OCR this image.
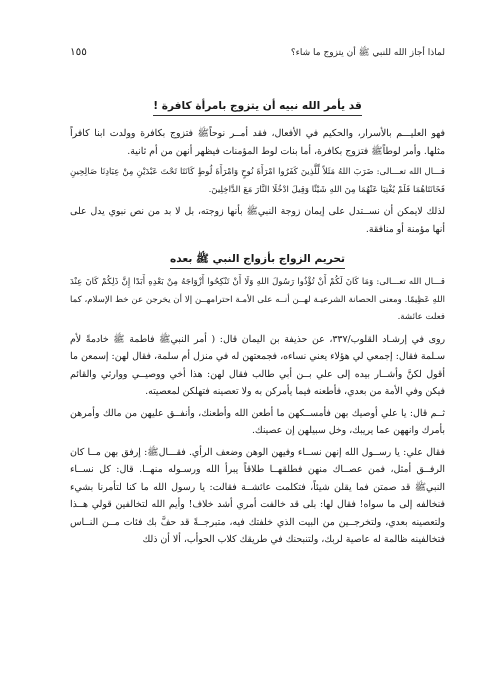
لماذا أجاز الله للنبي ﷺ أن يتزوج ما شاء؟
١٥٥
قد يأمر الله نبيه أن يتزوج بامرأة كافرة !

فهو العليـــم بالأسرار، والحكيم في الأفعال، فقد أمــر نوحاًﷺ فتزوج بكافرة وولدت ابنا كافراً مثلها. وأمر لوطاًﷺ فتزوج بكافرة، أما بنات لوط المؤمنات فيظهر أنهن من أم ثانية.

قـــال الله تعـــالى: ضَرَبَ اللهُ مَثَلاً لِّلَّذِينَ كَفَرُوا امْرَأَةَ نُوحٍ وَامْرَأَةَ لُوطٍ كَانَتَا تَحْتَ عَبْدَيْنِ مِنْ عِبَادِنَا صَالِحِينِ فَخَانَتَاهُمَا فَلَمْ يُغْنِيَا عَنْهُمَا مِنَ اللهِ شَيْئًا وَقِيلَ ادْخُلَا النَّارَ مَعَ الدَّاخِلِينَ.

لذلك لايمكن أن نســتدل على إيمان زوجة النبيﷺ بأنها زوجته، بل لا بد من نص نبوي يدل على أنها مؤمنة أو منافقة.

تحريم الزواج بأزواج النبي ﷺ بعده

قـــال الله تعـــالى: وَمَا كَانَ لَكُمْ أَنْ تُؤْذُوا رَسُولَ اللهِ وَلَا أَنْ تَنْكِحُوا أَزْوَاجَهُ مِنْ بَعْدِهِ أَبَدًا إِنَّ ذَلِكُمْ كَانَ عِنْدَ اللهِ عَظِيمًا. ومعنى الحصانة الشرعيـة لهــن أنــه على الأمـة احترامهــن إلا أن يخرجن عن خط الإسلام، كما فعلت عائشة.

روى في إرشـاد القلوب/٣٣٧، عن حذيفة بن اليمان قال: ( أمر النبيﷺ فاطمة ﷺ خادمةً لأم سـلمة فقال: إجمعي لي هؤلاء يعني نساءه، فجمعتهن له في منزل أم سلمة، فقال لهن: إسمعن ما أقول لكنَّ وأشــار بيده إلى علي بــن أبي طالب فقال لهن: هذا أخي ووصيــي ووارثي والقائم فيكن وفي الأمة من بعدي، فأطعنه فيما يأمركن به ولا تعصينه فتهلكن لمعصيته.

ثــم قال: يا علي أوصيك بهن فأمســكهن ما أطعن الله وأطعنك، وأنفــق عليهن من مالك وأمرهن بأمرك وانههن عما يريبك، وخل سبيلهن إن عصينك.

فقال علي: يا رســول الله إنهن نســاء وفيهن الوهن وضعف الرأي. فقـــالﷺ: إرفق بهن مــا كان الرفــق أمثل، فمن عصــاك منهن فطلقهــا طلاقاً يبرأ الله ورسـوله منهــا. قال: كل نســاء النبيﷺ قد صمتن فما يقلن شيئاً، فتكلمت عائشــة فقالت: يا رسول الله ما كنا لتأمرنا بشيء فنخالفه إلى ما سواه! فقال لها: بلى قد خالفت أمري أشد خلاف! وأيم الله لتخالفين قولي هــذا ولتعصينه بعدي، ولتخرجــين من البيت الذي خلفتك فيه، متبرجــةً قد حفَّ بك فئات مــن النــاس فتخالفينه ظالمة له عاصية لربك، ولتنبحنك في طريقك كلاب الحوأب، ألا أن ذلك
